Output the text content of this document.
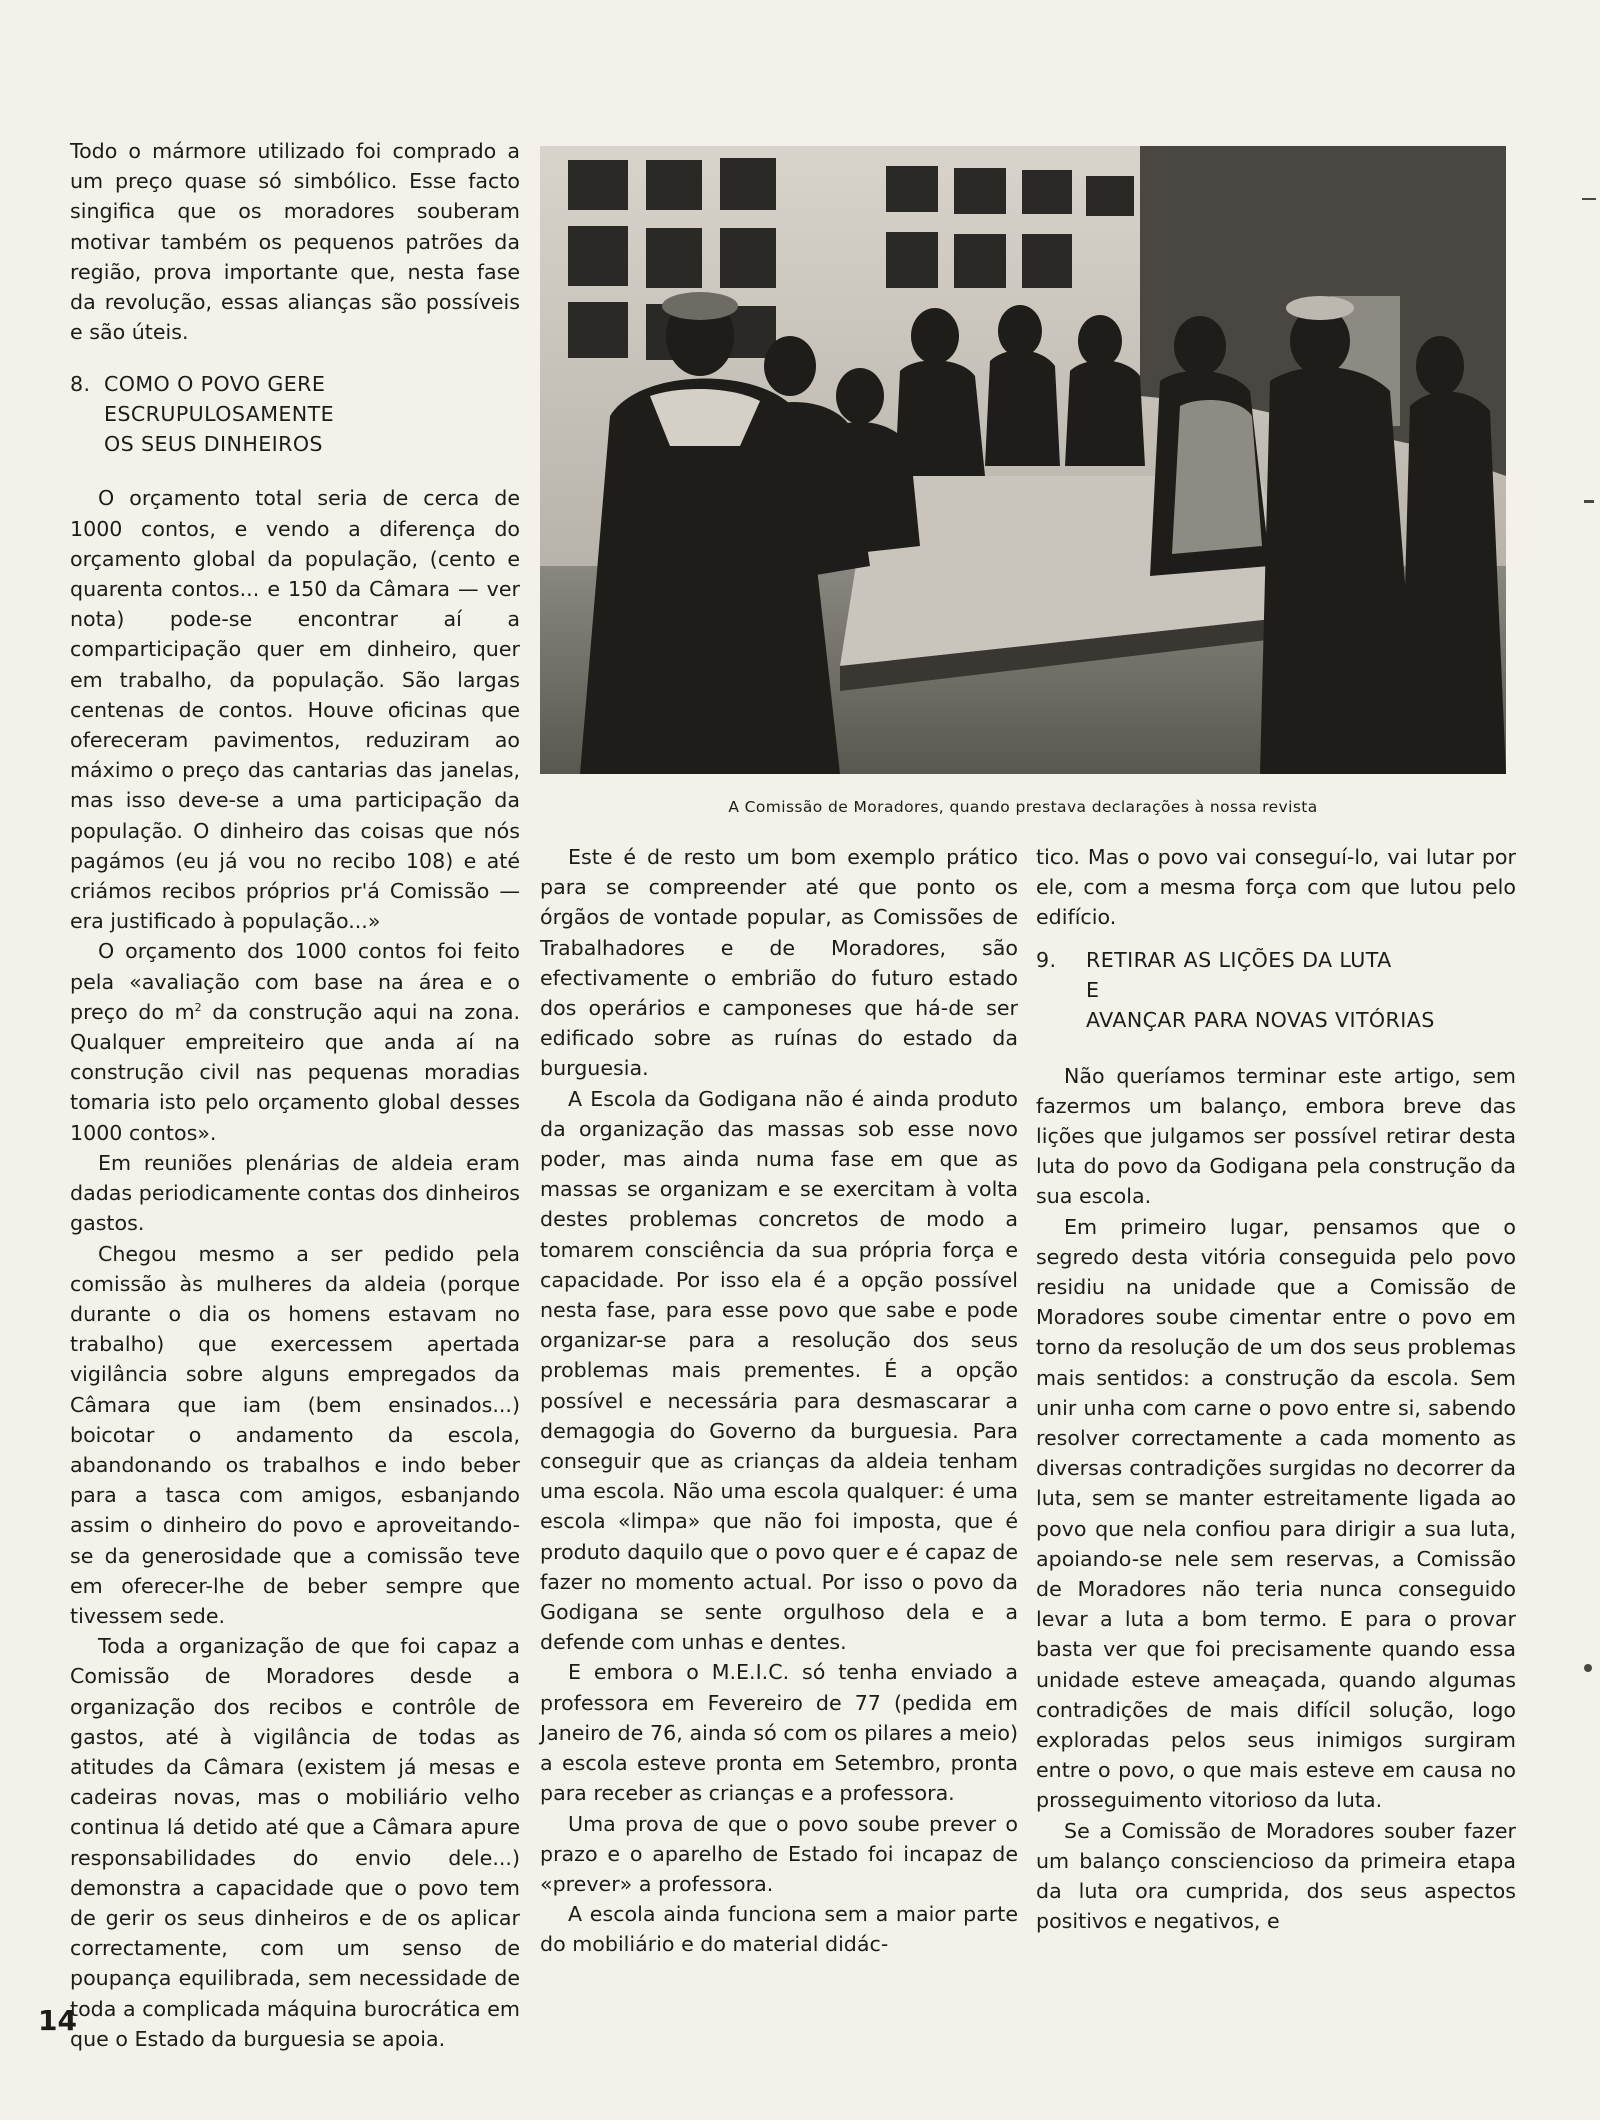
Todo o mármore utilizado foi comprado a um preço quase só simbólico. Esse facto singifica que os moradores souberam motivar também os pequenos patrões da região, prova importante que, nesta fase da revolução, essas alianças são possíveis e são úteis.

8. COMO O POVO GERE
ESCRUPULOSAMENTE
OS SEUS DINHEIROS

O orçamento total seria de cerca de 1000 contos, e vendo a diferença do orçamento global da população, (cento e quarenta contos... e 150 da Câmara — ver nota) pode-se encontrar aí a comparticipação quer em dinheiro, quer em trabalho, da população. São largas centenas de contos. Houve oficinas que ofereceram pavimentos, reduziram ao máximo o preço das cantarias das janelas, mas isso deve-se a uma participação da população. O dinheiro das coisas que nós pagámos (eu já vou no recibo 108) e até criámos recibos próprios pr'á Comissão — era justificado à população...»

O orçamento dos 1000 contos foi feito pela «avaliação com base na área e o preço do $m^2$ da construção aqui na zona. Qualquer empreiteiro que anda aí na construção civil nas pequenas moradias tomaria isto pelo orçamento global desses 1000 contos».

Em reuniões plenárias de aldeia eram dadas periodicamente contas dos dinheiros gastos.

Chegou mesmo a ser pedido pela comissão às mulheres da aldeia (porque durante o dia os homens estavam no trabalho) que exercessem apertada vigilância sobre alguns empregados da Câmara que iam (bem ensinados...) boicotar o andamento da escola, abandonando os trabalhos e indo beber para a tasca com amigos, esbanjando assim o dinheiro do povo e aproveitando-se da generosidade que a comissão teve em oferecer-lhe de beber sempre que tivessem sede.

Toda a organização de que foi capaz a Comissão de Moradores desde a organização dos recibos e contrôle de gastos, até à vigilância de todas as atitudes da Câmara (existem já mesas e cadeiras novas, mas o mobiliário velho continua lá detido até que a Câmara apure responsabilidades do envio dele...) demonstra a capacidade que o povo tem de gerir os seus dinheiros e de os aplicar correctamente, com um senso de poupança equilibrada, sem necessidade de toda a complicada máquina burocrática em que o Estado da burguesia se apoia.

A Comissão de Moradores, quando prestava declarações à nossa revista

Este é de resto um bom exemplo prático para se compreender até que ponto os órgãos de vontade popular, as Comissões de Trabalhadores e de Moradores, são efectivamente o embrião do futuro estado dos operários e camponeses que há-de ser edificado sobre as ruínas do estado da burguesia.

A Escola da Godigana não é ainda produto da organização das massas sob esse novo poder, mas ainda numa fase em que as massas se organizam e se exercitam à volta destes problemas concretos de modo a tomarem consciência da sua própria força e capacidade. Por isso ela é a opção possível nesta fase, para esse povo que sabe e pode organizar-se para a resolução dos seus problemas mais prementes. É a opção possível e necessária para desmascarar a demagogia do Governo da burguesia. Para conseguir que as crianças da aldeia tenham uma escola. Não uma escola qualquer: é uma escola «limpa» que não foi imposta, que é produto daquilo que o povo quer e é capaz de fazer no momento actual. Por isso o povo da Godigana se sente orgulhoso dela e a defende com unhas e dentes.

E embora o M.E.I.C. só tenha enviado a professora em Fevereiro de 77 (pedida em Janeiro de 76, ainda só com os pilares a meio) a escola esteve pronta em Setembro, pronta para receber as crianças e a professora.

Uma prova de que o povo soube prever o prazo e o aparelho de Estado foi incapaz de «prever» a professora.

A escola ainda funciona sem a maior parte do mobiliário e do material didác-

tico. Mas o povo vai conseguí-lo, vai lutar por ele, com a mesma força com que lutou pelo edifício.

9.	RETIRAR AS LIÇÕES DA LUTA
E
AVANÇAR PARA NOVAS VITÓRIAS

Não queríamos terminar este artigo, sem fazermos um balanço, embora breve das lições que julgamos ser possível retirar desta luta do povo da Godigana pela construção da sua escola.

Em primeiro lugar, pensamos que o segredo desta vitória conseguida pelo povo residiu na unidade que a Comissão de Moradores soube cimentar entre o povo em torno da resolução de um dos seus problemas mais sentidos: a construção da escola. Sem unir unha com carne o povo entre si, sabendo resolver correctamente a cada momento as diversas contradições surgidas no decorrer da luta, sem se manter estreitamente ligada ao povo que nela confiou para dirigir a sua luta, apoiando-se nele sem reservas, a Comissão de Moradores não teria nunca conseguido levar a luta a bom termo. E para o provar basta ver que foi precisamente quando essa unidade esteve ameaçada, quando algumas contradições de mais difícil solução, logo exploradas pelos seus inimigos surgiram entre o povo, o que mais esteve em causa no prosseguimento vitorioso da luta.

Se a Comissão de Moradores souber fazer um balanço consciencioso da primeira etapa da luta ora cumprida, dos seus aspectos positivos e negativos, e

14
